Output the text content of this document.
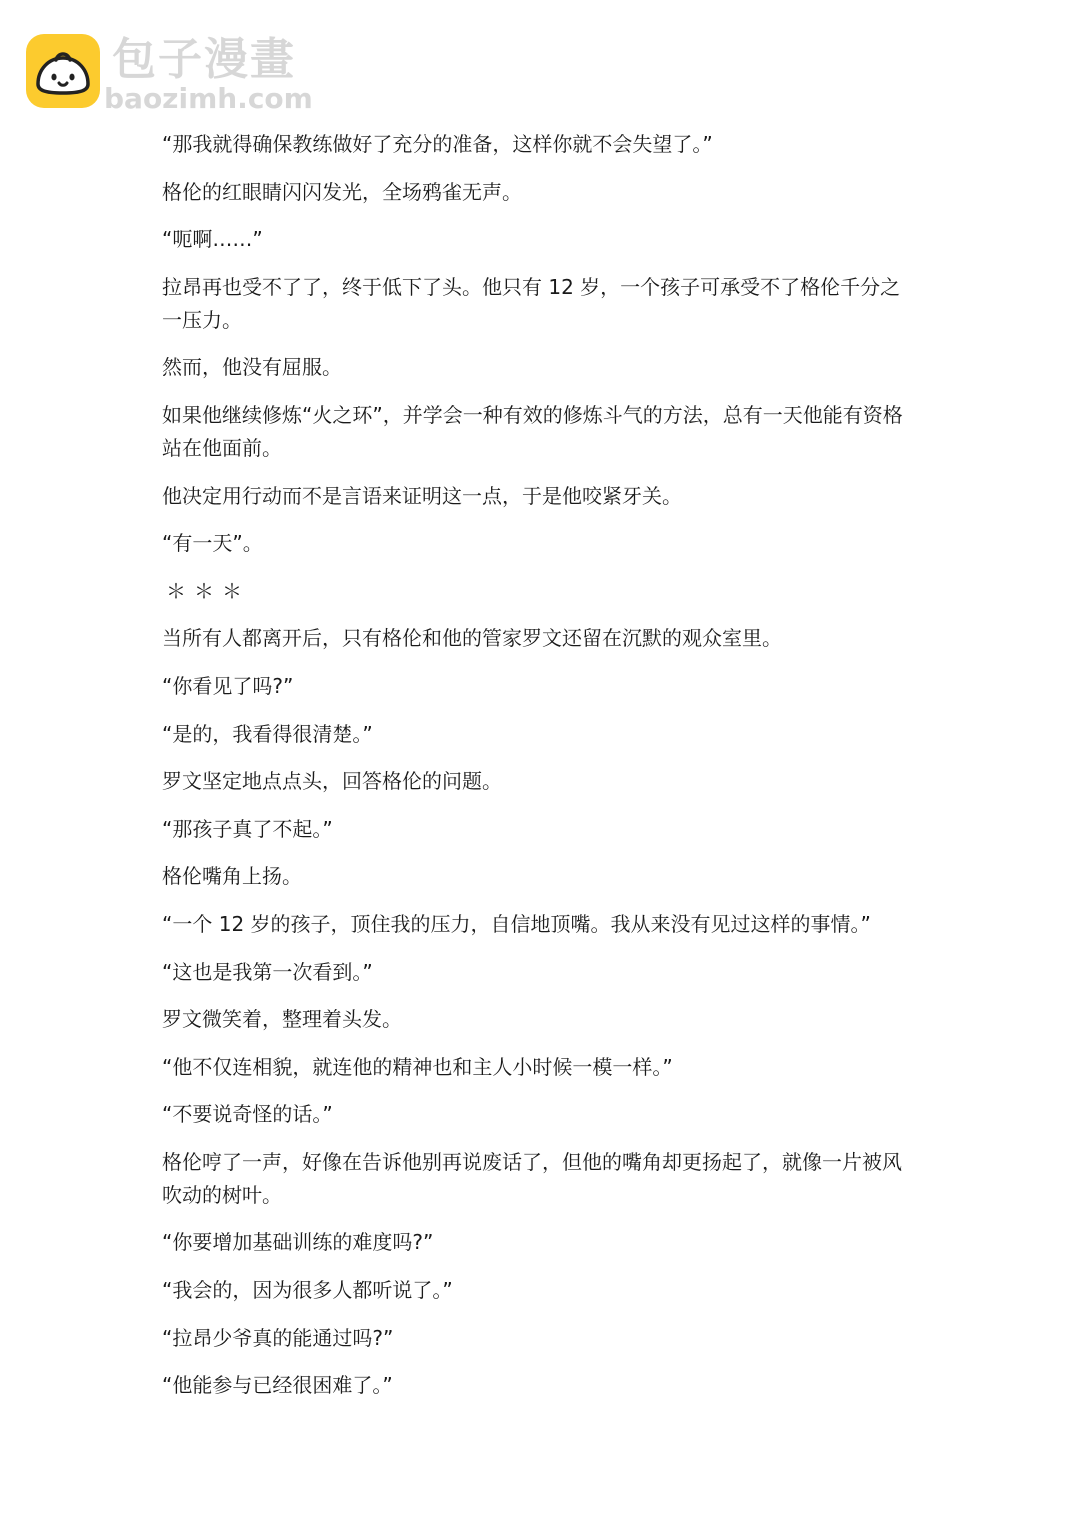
包子漫畫
baozimh.com

“那我就得确保教练做好了充分的准备，这样你就不会失望了。”

格伦的红眼睛闪闪发光，全场鸦雀无声。

“呃啊……”

拉昂再也受不了了，终于低下了头。他只有 12 岁，一个孩子可承受不了格伦千分之一压力。

然而，他没有屈服。

如果他继续修炼“火之环”，并学会一种有效的修炼斗气的方法，总有一天他能有资格站在他面前。

他决定用行动而不是言语来证明这一点，于是他咬紧牙关。

“有一天”。

＊＊＊

当所有人都离开后，只有格伦和他的管家罗文还留在沉默的观众室里。

“你看见了吗?”

“是的，我看得很清楚。”

罗文坚定地点点头，回答格伦的问题。

“那孩子真了不起。”

格伦嘴角上扬。

“一个 12 岁的孩子，顶住我的压力，自信地顶嘴。我从来没有见过这样的事情。”

“这也是我第一次看到。”

罗文微笑着，整理着头发。

“他不仅连相貌，就连他的精神也和主人小时候一模一样。”

“不要说奇怪的话。”

格伦哼了一声，好像在告诉他别再说废话了，但他的嘴角却更扬起了，就像一片被风吹动的树叶。

“你要增加基础训练的难度吗?”

“我会的，因为很多人都听说了。”

“拉昂少爷真的能通过吗?”

“他能参与已经很困难了。”
